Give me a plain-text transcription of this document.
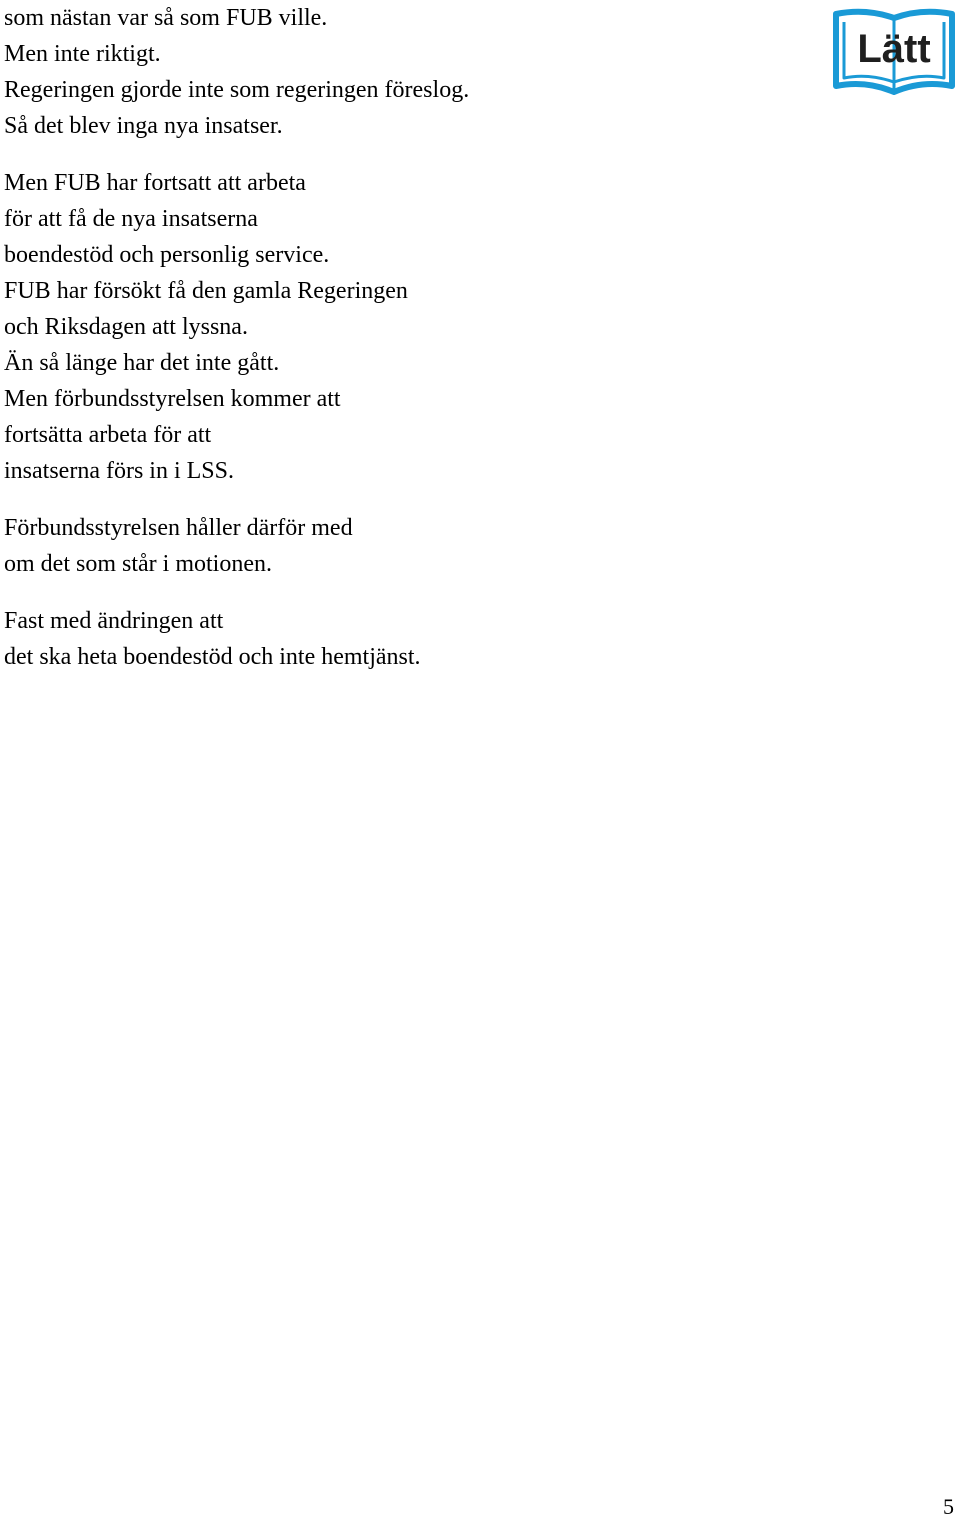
som nästan var så som FUB ville.
Men inte riktigt.
Regeringen gjorde inte som regeringen föreslog.
Så det blev inga nya insatser.
Men FUB har fortsatt att arbeta
för att få de nya insatserna
boendestöd och personlig service.
FUB har försökt få den gamla Regeringen
och Riksdagen att lyssna.
Än så länge har det inte gått.
Men förbundsstyrelsen kommer att
fortsätta arbeta för att
insatserna förs in i LSS.
Förbundsstyrelsen håller därför med
om det som står i motionen.
Fast med ändringen att
det ska heta boendestöd och inte hemtjänst.
Lätt
5
